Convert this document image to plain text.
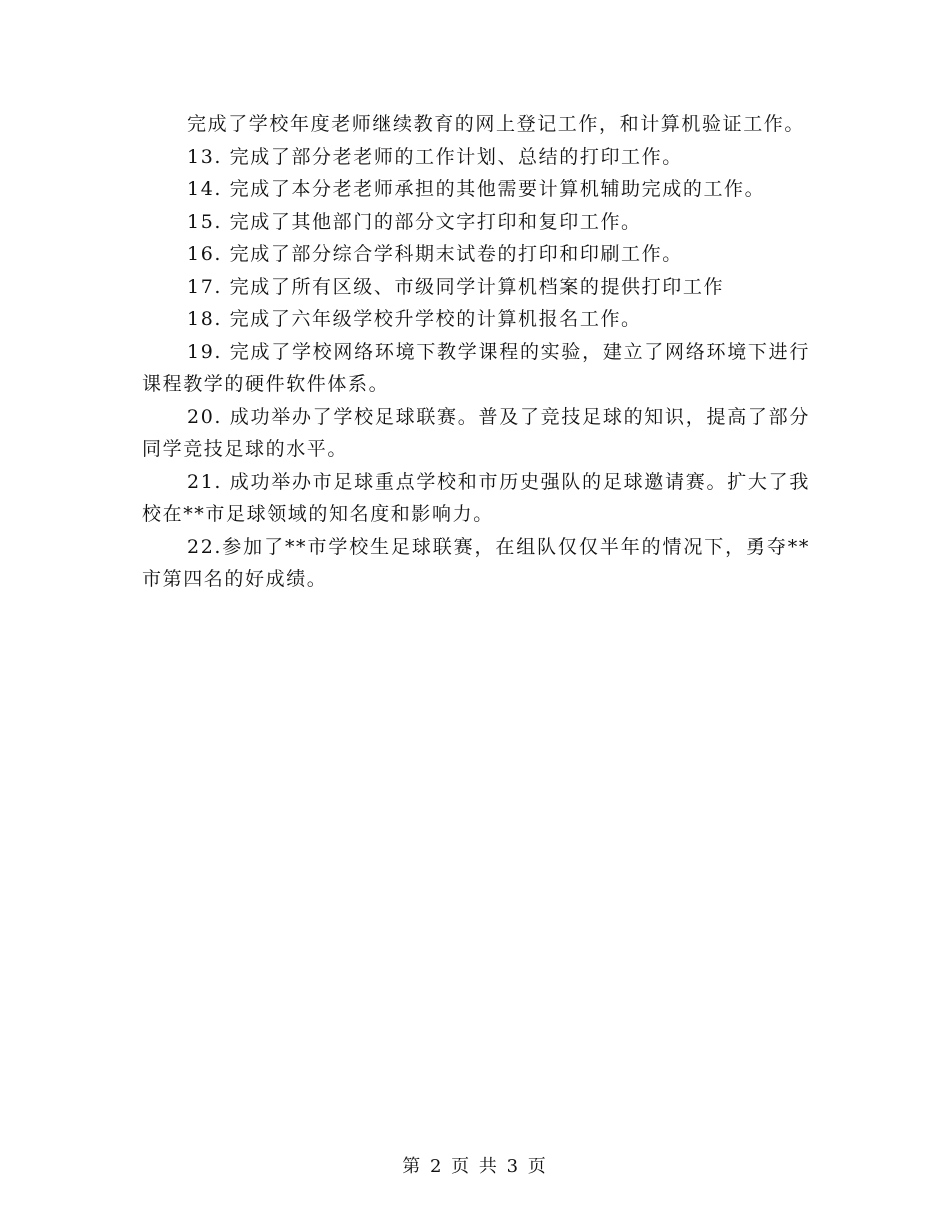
完成了学校年度老师继续教育的网上登记工作，和计算机验证工作。

13. 完成了部分老老师的工作计划、总结的打印工作。

14. 完成了本分老老师承担的其他需要计算机辅助完成的工作。

15. 完成了其他部门的部分文字打印和复印工作。

16. 完成了部分综合学科期末试卷的打印和印刷工作。

17. 完成了所有区级、市级同学计算机档案的提供打印工作

18. 完成了六年级学校升学校的计算机报名工作。

19. 完成了学校网络环境下教学课程的实验，建立了网络环境下进行课程教学的硬件软件体系。

20. 成功举办了学校足球联赛。普及了竞技足球的知识，提高了部分同学竞技足球的水平。

21. 成功举办市足球重点学校和市历史强队的足球邀请赛。扩大了我校在**市足球领域的知名度和影响力。

22.参加了**市学校生足球联赛，在组队仅仅半年的情况下，勇夺**市第四名的好成绩。

第 2 页 共 3 页
